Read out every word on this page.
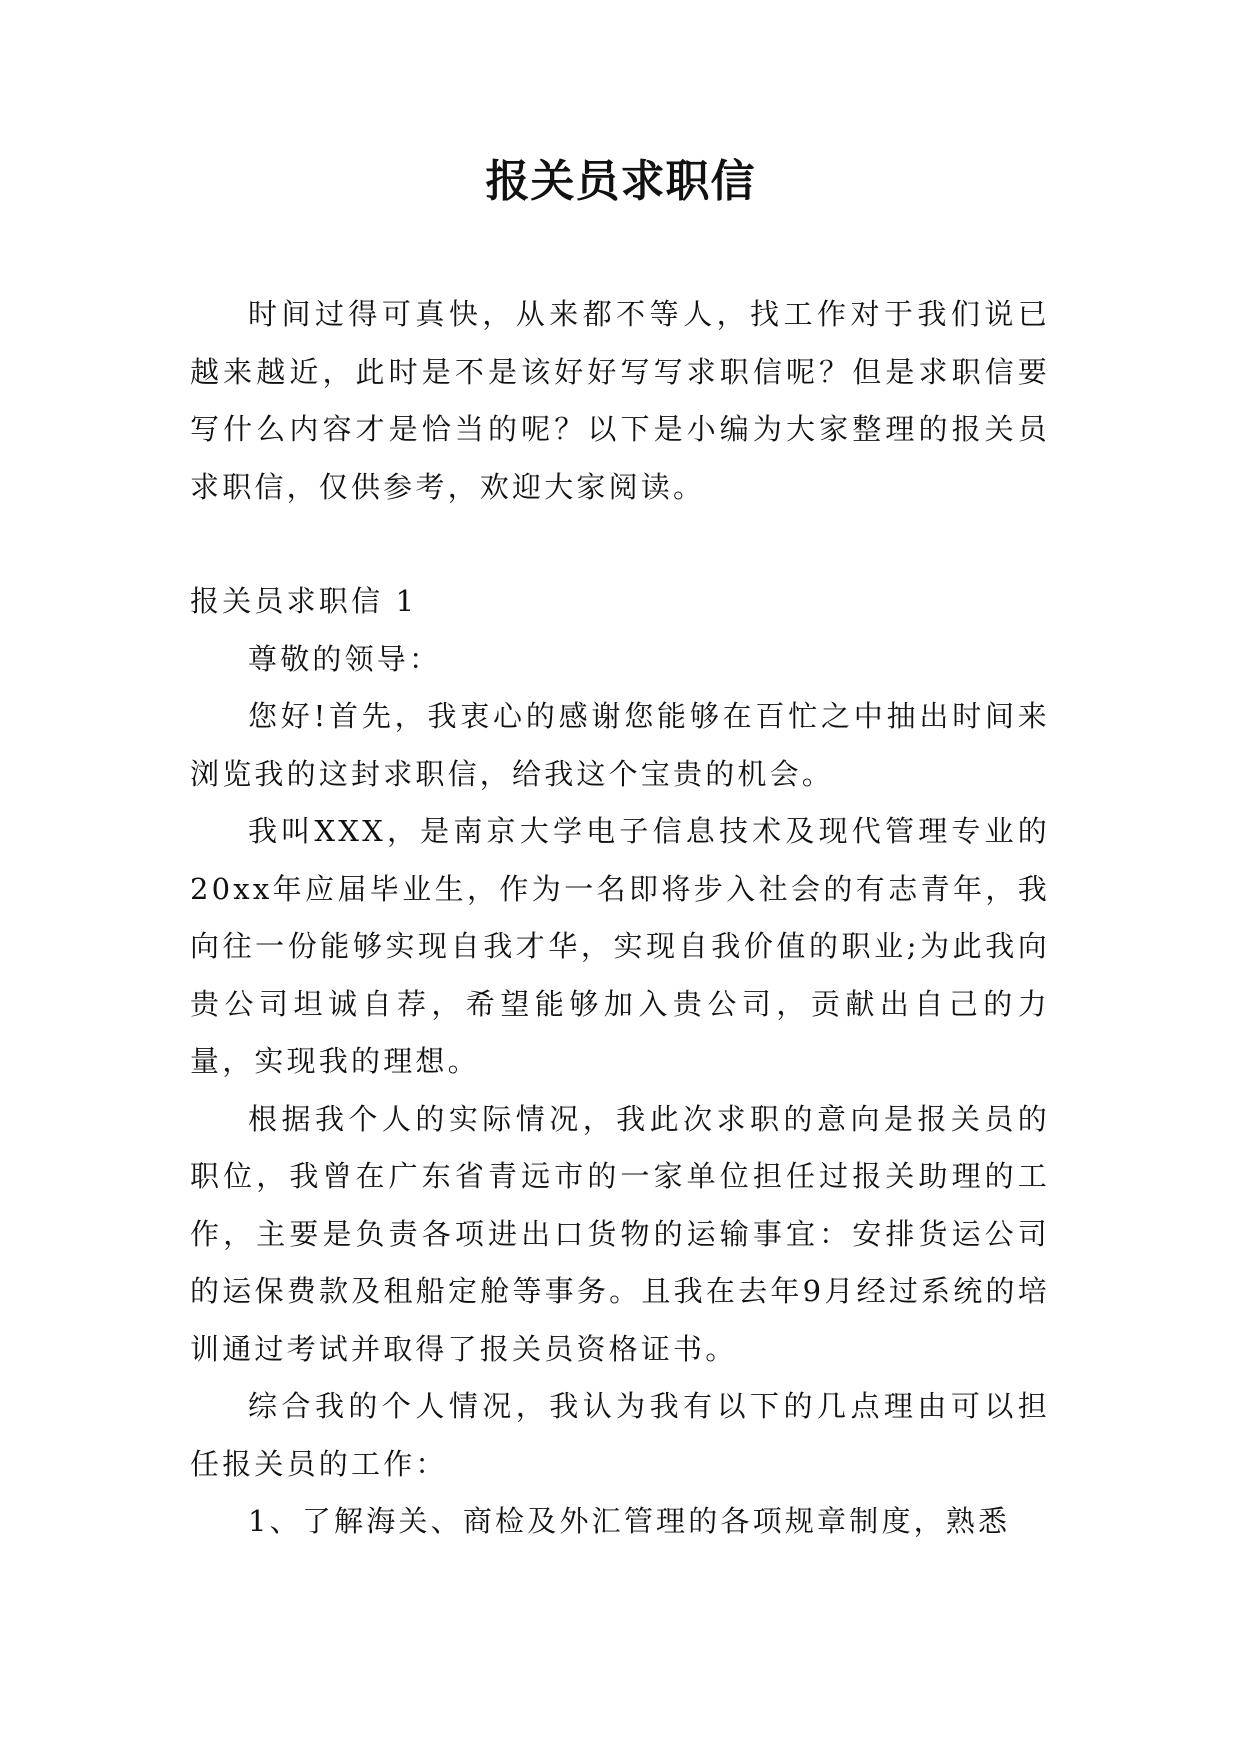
报关员求职信

时间过得可真快，从来都不等人，找工作对于我们说已越来越近，此时是不是该好好写写求职信呢？但是求职信要写什么内容才是恰当的呢？以下是小编为大家整理的报关员求职信，仅供参考，欢迎大家阅读。

报关员求职信 1

尊敬的领导：

您好!首先，我衷心的感谢您能够在百忙之中抽出时间来浏览我的这封求职信，给我这个宝贵的机会。

我叫XXX，是南京大学电子信息技术及现代管理专业的20xx年应届毕业生，作为一名即将步入社会的有志青年，我向往一份能够实现自我才华，实现自我价值的职业;为此我向贵公司坦诚自荐，希望能够加入贵公司，贡献出自己的力量，实现我的理想。

根据我个人的实际情况，我此次求职的意向是报关员的职位，我曾在广东省青远市的一家单位担任过报关助理的工作，主要是负责各项进出口货物的运输事宜：安排货运公司的运保费款及租船定舱等事务。且我在去年9月经过系统的培训通过考试并取得了报关员资格证书。

综合我的个人情况，我认为我有以下的几点理由可以担任报关员的工作：

1、了解海关、商检及外汇管理的各项规章制度，熟悉
